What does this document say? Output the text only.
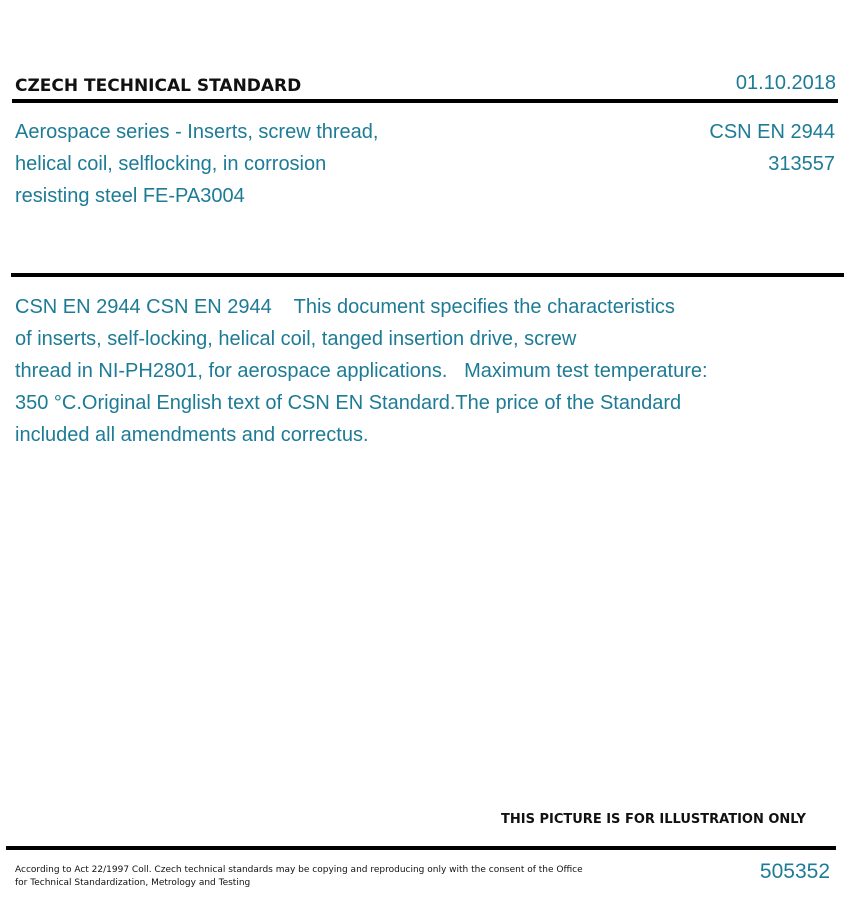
CZECH TECHNICAL STANDARD	01.10.2018
Aerospace series - Inserts, screw thread,
helical coil, selflocking, in corrosion
resisting steel FE-PA3004
CSN EN 2944
313557
CSN EN 2944 CSN EN 2944    This document specifies the characteristics
of inserts, self-locking, helical coil, tanged insertion drive, screw
thread in NI-PH2801, for aerospace applications.   Maximum test temperature:
350 °C.Original English text of CSN EN Standard.The price of the Standard
included all amendments and correctus.
THIS PICTURE IS FOR ILLUSTRATION ONLY
According to Act 22/1997 Coll. Czech technical standards may be copying and reproducing only with the consent of the Office
for Technical Standardization, Metrology and Testing	505352
